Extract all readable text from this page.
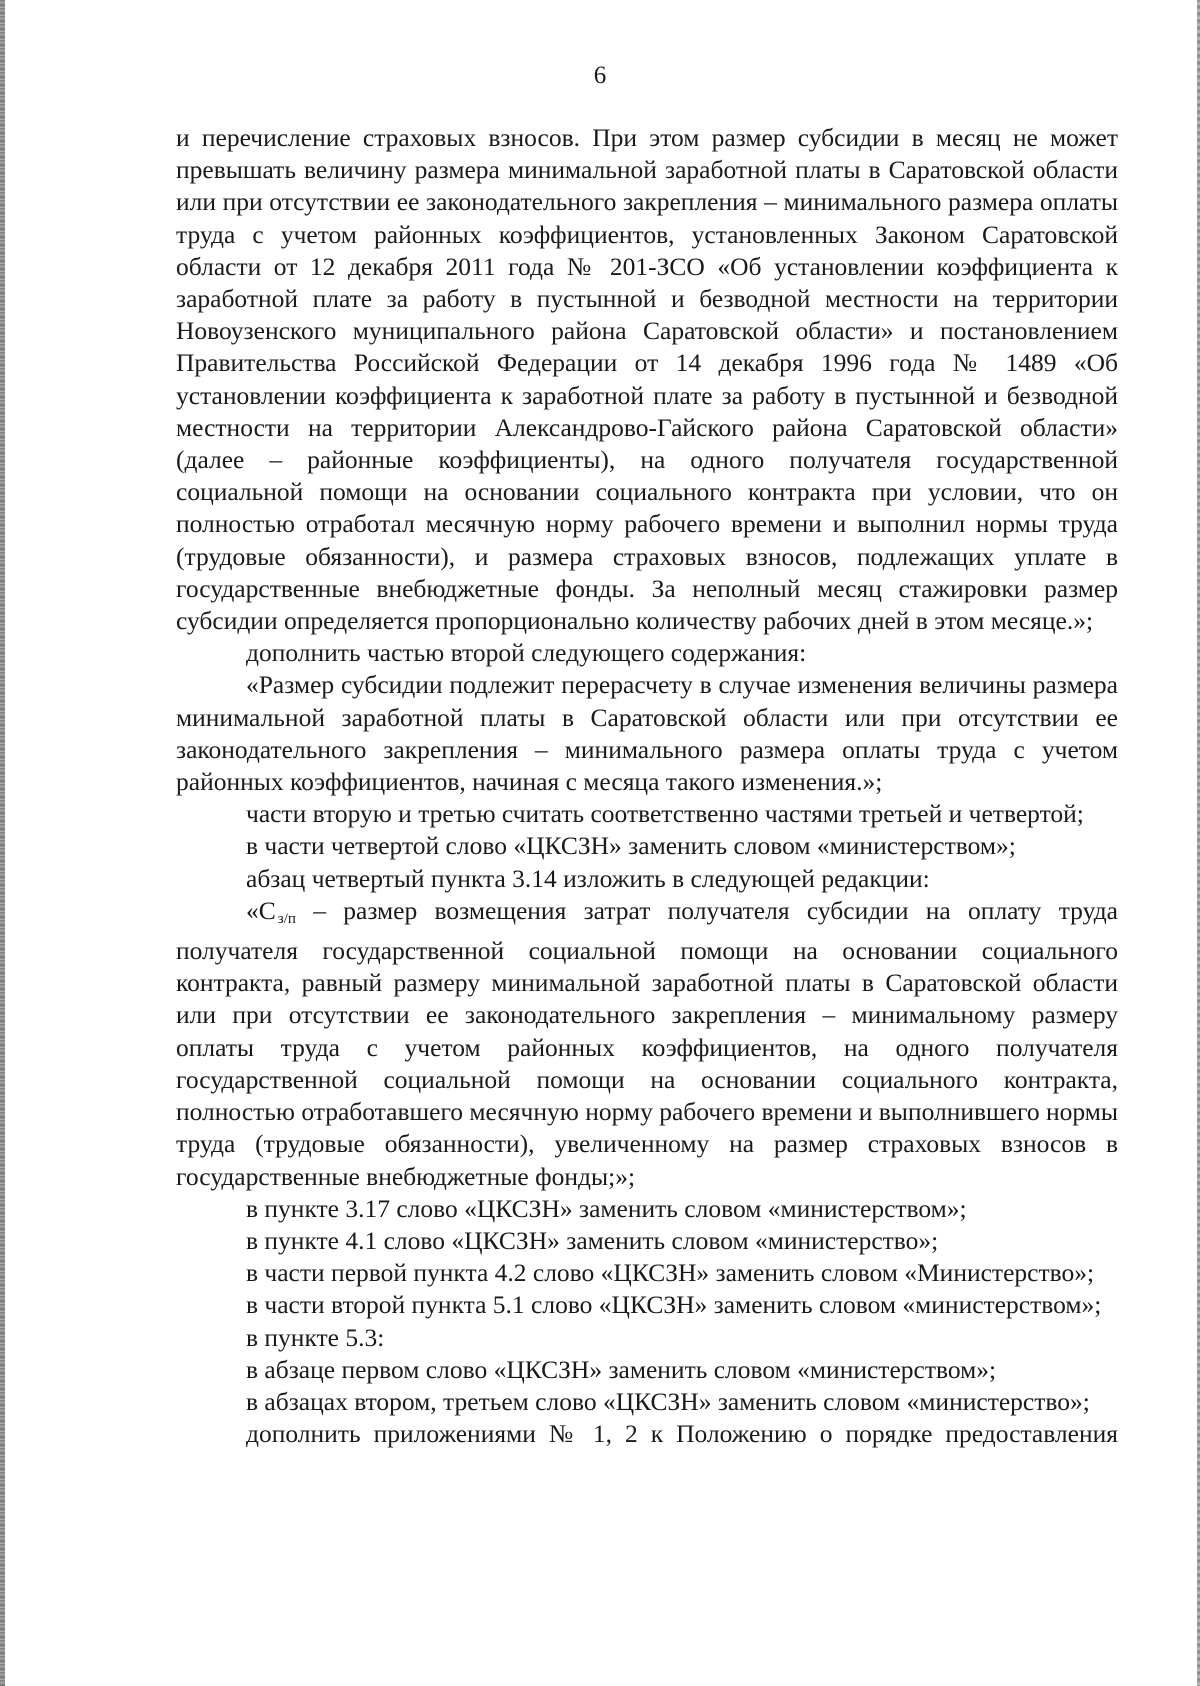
6

и перечисление страховых взносов. При этом размер субсидии в месяц не может превышать величину размера минимальной заработной платы в Саратовской области или при отсутствии ее законодательного закрепления – минимального размера оплаты труда с учетом районных коэффициентов, установленных Законом Саратовской области от 12 декабря 2011 года № 201-ЗСО «Об установлении коэффициента к заработной плате за работу в пустынной и безводной местности на территории Новоузенского муниципального района Саратовской области» и постановлением Правительства Российской Федерации от 14 декабря 1996 года № 1489 «Об установлении коэффициента к заработной плате за работу в пустынной и безводной местности на территории Александрово-Гайского района Саратовской области» (далее – районные коэффициенты), на одного получателя государственной социальной помощи на основании социального контракта при условии, что он полностью отработал месячную норму рабочего времени и выполнил нормы труда (трудовые обязанности), и размера страховых взносов, подлежащих уплате в государственные внебюджетные фонды. За неполный месяц стажировки размер субсидии определяется пропорционально количеству рабочих дней в этом месяце.»;

дополнить частью второй следующего содержания:

«Размер субсидии подлежит перерасчету в случае изменения величины размера минимальной заработной платы в Саратовской области или при отсутствии ее законодательного закрепления – минимального размера оплаты труда с учетом районных коэффициентов, начиная с месяца такого изменения.»;

части вторую и третью считать соответственно частями третьей и четвертой;

в части четвертой слово «ЦКСЗН» заменить словом «министерством»;

абзац четвертый пункта 3.14 изложить в следующей редакции:

«С $_{з/п}$ – размер возмещения затрат получателя субсидии на оплату труда получателя государственной социальной помощи на основании социального контракта, равный размеру минимальной заработной платы в Саратовской области или при отсутствии ее законодательного закрепления – минимальному размеру оплаты труда с учетом районных коэффициентов, на одного получателя государственной социальной помощи на основании социального контракта, полностью отработавшего месячную норму рабочего времени и выполнившего нормы труда (трудовые обязанности), увеличенному на размер страховых взносов в государственные внебюджетные фонды;»;

в пункте 3.17 слово «ЦКСЗН» заменить словом «министерством»;

в пункте 4.1 слово «ЦКСЗН» заменить словом «министерство»;

в части первой пункта 4.2 слово «ЦКСЗН» заменить словом «Министерство»;

в части второй пункта 5.1 слово «ЦКСЗН» заменить словом «министерством»;

в пункте 5.3:

в абзаце первом слово «ЦКСЗН» заменить словом «министерством»;

в абзацах втором, третьем слово «ЦКСЗН» заменить словом «министерство»;

дополнить приложениями № 1, 2 к Положению о порядке предоставления
